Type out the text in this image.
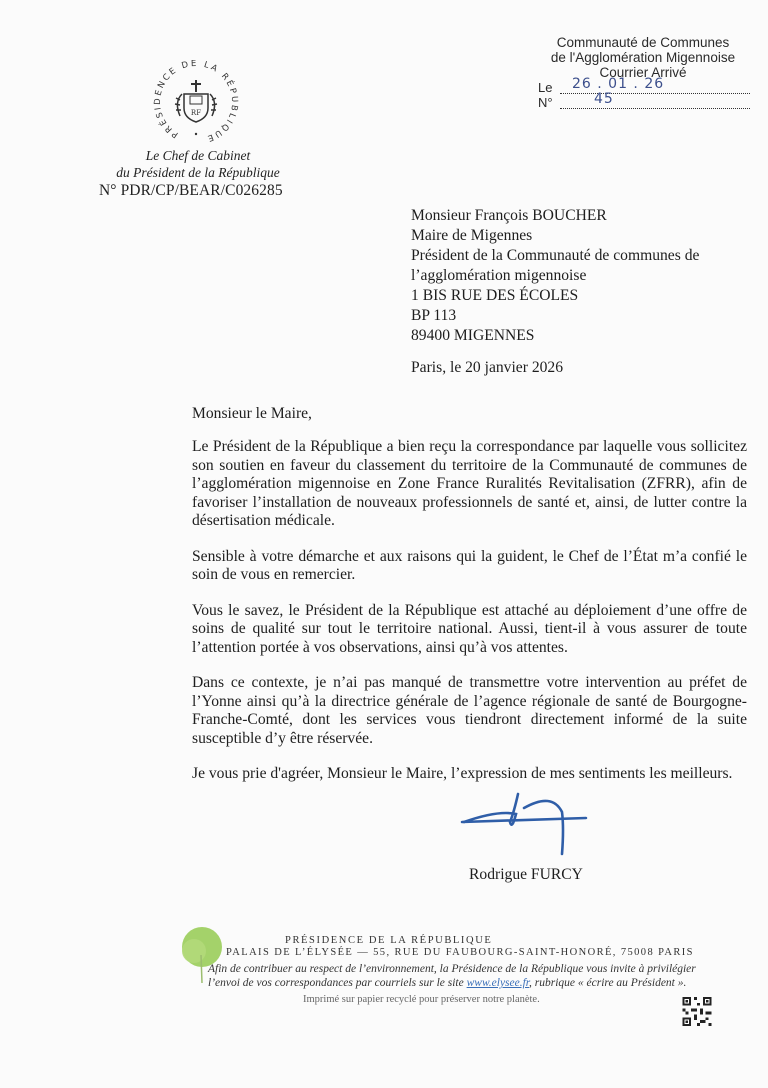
PRÉSIDENCE DE LA RÉPUBLIQUE
RF
Le Chef de Cabinet
du Président de la République
N° PDR/CP/BEAR/C026285
Communauté de Communes
de l'Agglomération Migennoise
Courrier Arrivé
Le 26 . 01 . 26
N°	45
Monsieur François BOUCHER
Maire de Migennes
Président de la Communauté de communes de
l’agglomération migennoise
1 BIS RUE DES ÉCOLES
BP 113
89400 MIGENNES
Paris, le 20 janvier 2026
Monsieur le Maire,

Le Président de la République a bien reçu la correspondance par laquelle vous sollicitez son soutien en faveur du classement du territoire de la Communauté de communes de l’agglomération migennoise en Zone France Ruralités Revitalisation (ZFRR), afin de favoriser l’installation de nouveaux professionnels de santé et, ainsi, de lutter contre la désertisation médicale.

Sensible à votre démarche et aux raisons qui la guident, le Chef de l’État m’a confié le soin de vous en remercier.

Vous le savez, le Président de la République est attaché au déploiement d’une offre de soins de qualité sur tout le territoire national. Aussi, tient-il à vous assurer de toute l’attention portée à vos observations, ainsi qu’à vos attentes.

Dans ce contexte, je n’ai pas manqué de transmettre votre intervention au préfet de l’Yonne ainsi qu’à la directrice générale de l’agence régionale de santé de Bourgogne-Franche-Comté, dont les services vous tiendront directement informé de la suite susceptible d’y être réservée.

Je vous prie d'agréer, Monsieur le Maire, l’expression de mes sentiments les meilleurs.

Rodrigue FURCY
PRÉSIDENCE DE LA RÉPUBLIQUE
PALAIS DE L’ÉLYSÉE — 55, RUE DU FAUBOURG-SAINT-HONORÉ, 75008 PARIS
Afin de contribuer au respect de l’environnement, la Présidence de la République vous invite à privilégier
l’envoi de vos correspondances par courriels sur le site www.elysee.fr, rubrique « écrire au Président ».
Imprimé sur papier recyclé pour préserver notre planète.
